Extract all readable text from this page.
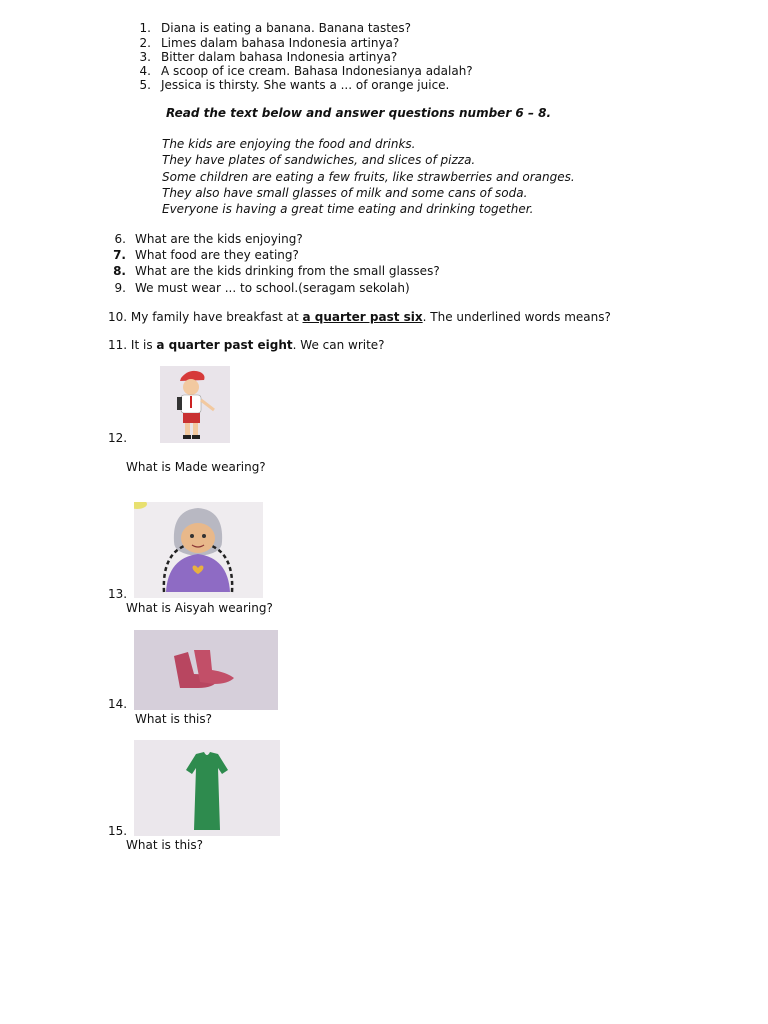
1. Diana is eating a banana. Banana tastes?
2. Limes dalam bahasa Indonesia artinya?
3. Bitter dalam bahasa Indonesia artinya?
4. A scoop of ice cream. Bahasa Indonesianya adalah?
5. Jessica is thirsty. She wants a ... of orange juice.
Read the text below and answer questions number 6 – 8.
The kids are enjoying the food and drinks.
They have plates of sandwiches, and slices of pizza.
Some children are eating a few fruits, like strawberries and oranges.
They also have small glasses of milk and some cans of soda.
Everyone is having a great time eating and drinking together.
6. What are the kids enjoying?
7. What food are they eating?
8. What are the kids drinking from the small glasses?
9. We must wear ... to school.(seragam sekolah)
10. My family have breakfast at a quarter past six. The underlined words means?
11. It is a quarter past eight. We can write?
12.
What is Made wearing?
13.
What is Aisyah wearing?
14.
What is this?
15.
What is this?
